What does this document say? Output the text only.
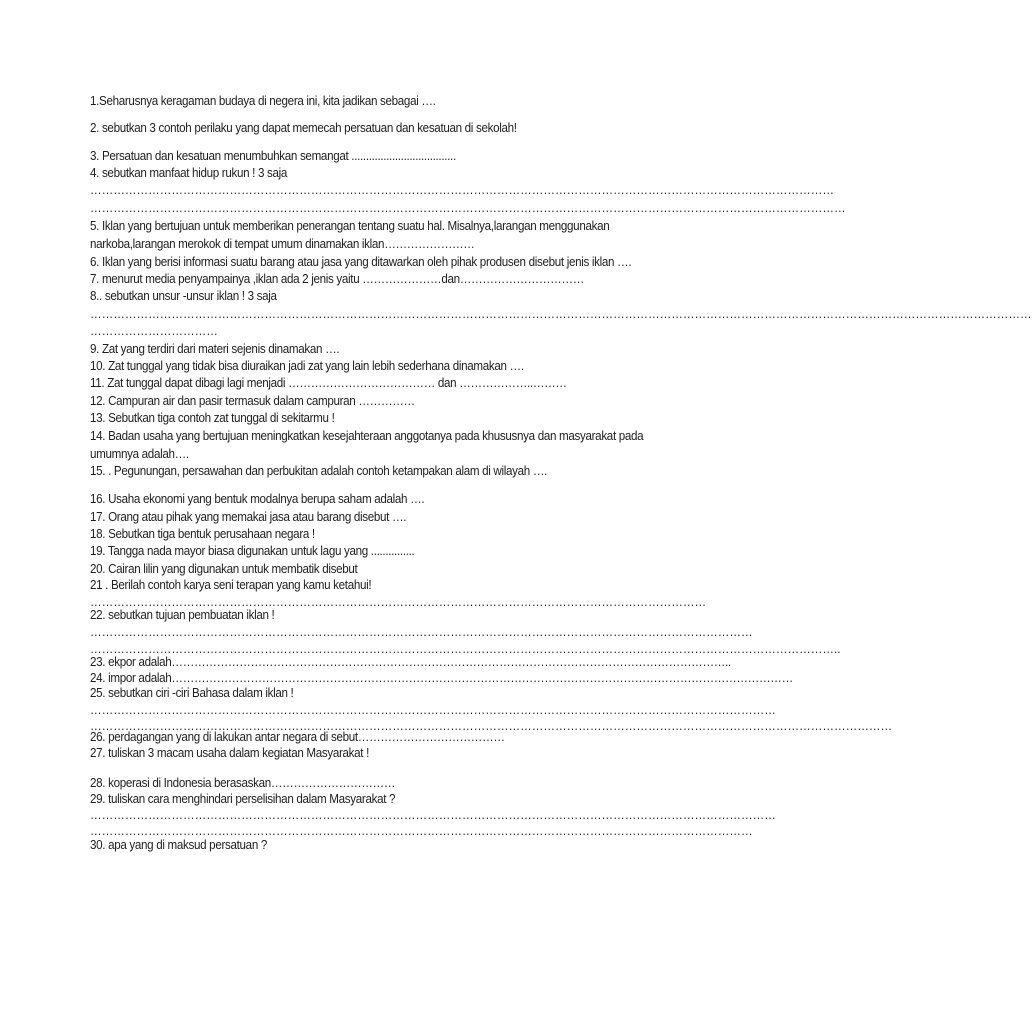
1.Seharusnya keragaman budaya di negera ini, kita jadikan sebagai ….
2. sebutkan 3 contoh perilaku yang dapat memecah persatuan dan kesatuan di sekolah!
3. Persatuan dan kesatuan menumbuhkan semangat ....................................
4. sebutkan manfaat hidup rukun ! 3 saja
…………………………………………………………………………………………………………………………………………………………………………
……………………………………………………………………………………………………………………………………………………………………………
5. Iklan yang bertujuan untuk memberikan penerangan tentang suatu hal. Misalnya,larangan menggunakan
narkoba,larangan merokok di tempat umum dinamakan iklan……………………
6. Iklan yang berisi informasi suatu barang atau jasa yang ditawarkan oleh pihak produsen disebut jenis iklan ….
7. menurut media penyampainya ,iklan ada 2 jenis yaitu …………………dan……………………………
8.. sebutkan unsur -unsur iklan ! 3 saja
………………………………………………………………………………………………………………………………………………………………………………………………………………………
……………………………
9. Zat yang terdiri dari materi sejenis dinamakan ….
10. Zat tunggal yang tidak bisa diuraikan jadi zat yang lain lebih sederhana dinamakan ….
11. Zat tunggal dapat dibagi lagi menjadi ………………………………… dan ………………..………
12. Campuran air dan pasir termasuk dalam campuran ……………
13. Sebutkan tiga contoh zat tunggal di sekitarmu !
14. Badan usaha yang bertujuan meningkatkan kesejahteraan anggotanya pada khususnya dan masyarakat pada
umumnya adalah….
15. . Pegunungan, persawahan dan perbukitan adalah contoh ketampakan alam di wilayah ….
16. Usaha ekonomi yang bentuk modalnya berupa saham adalah ….
17. Orang atau pihak yang memakai jasa atau barang disebut ….
18. Sebutkan tiga bentuk perusahaan negara !
19. Tangga nada mayor biasa digunakan untuk lagu yang ...............
20. Cairan lilin yang digunakan untuk membatik disebut
21 . Berilah contoh karya seni terapan yang kamu ketahui!
……………………………………………………………………………………………………………………………………………
22. sebutkan tujuan pembuatan iklan !
………………………………………………………………………………………………………………………………………………………
…………………………………………………………………………………………………………………………………………………………………………..
23. ekpor adalah…………………………………………………………………………………………………………………………………..
24. impor adalah…………………………………………………………………………………………………………………………………………………
25. sebutkan ciri -ciri Bahasa dalam iklan !
……………………………………………………………………………………………………………………………………………………………
………………………………………………………………………………………………………………………………………………………………………………………
26. perdagangan yang di lakukan antar negara di sebut…………………………………
27. tuliskan 3 macam usaha dalam kegiatan Masyarakat !
28. koperasi di Indonesia berasaskan……………………………
29. tuliskan cara menghindari perselisihan dalam Masyarakat ?
……………………………………………………………………………………………………………………………………………………………
………………………………………………………………………………………………………………………………………………………
30. apa yang di maksud persatuan ?
